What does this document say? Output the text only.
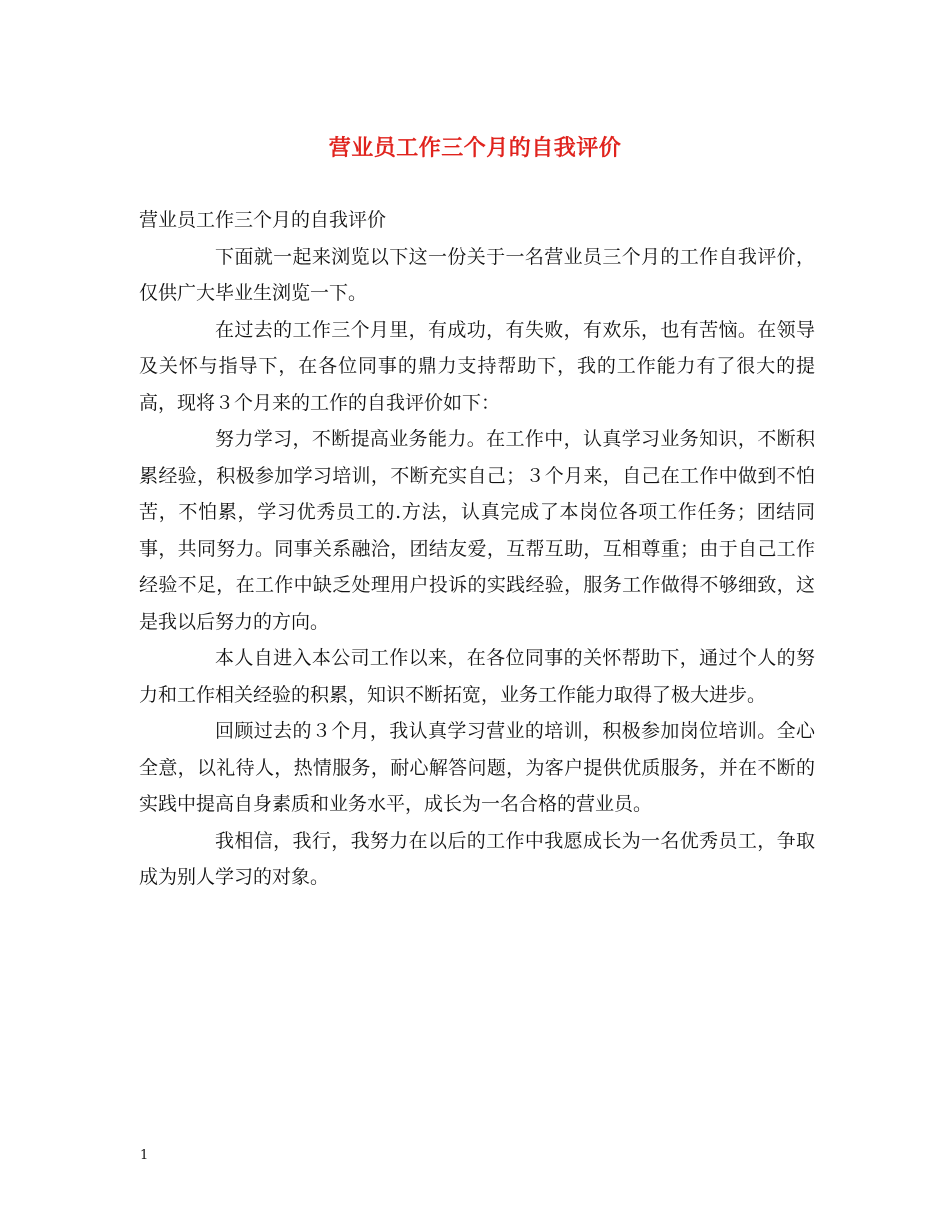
营业员工作三个月的自我评价

营业员工作三个月的自我评价

下面就一起来浏览以下这一份关于一名营业员三个月的工作自我评价，仅供广大毕业生浏览一下。

在过去的工作三个月里，有成功，有失败，有欢乐，也有苦恼。在领导及关怀与指导下，在各位同事的鼎力支持帮助下，我的工作能力有了很大的提高，现将３个月来的工作的自我评价如下：

努力学习，不断提高业务能力。在工作中，认真学习业务知识，不断积累经验，积极参加学习培训，不断充实自己；３个月来，自己在工作中做到不怕苦，不怕累，学习优秀员工的.方法，认真完成了本岗位各项工作任务；团结同事，共同努力。同事关系融洽，团结友爱，互帮互助，互相尊重；由于自己工作经验不足，在工作中缺乏处理用户投诉的实践经验，服务工作做得不够细致，这是我以后努力的方向。

本人自进入本公司工作以来，在各位同事的关怀帮助下，通过个人的努力和工作相关经验的积累，知识不断拓宽，业务工作能力取得了极大进步。

回顾过去的３个月，我认真学习营业的培训，积极参加岗位培训。全心全意，以礼待人，热情服务，耐心解答问题，为客户提供优质服务，并在不断的实践中提高自身素质和业务水平，成长为一名合格的营业员。

我相信，我行，我努力在以后的工作中我愿成长为一名优秀员工，争取成为别人学习的对象。

1
